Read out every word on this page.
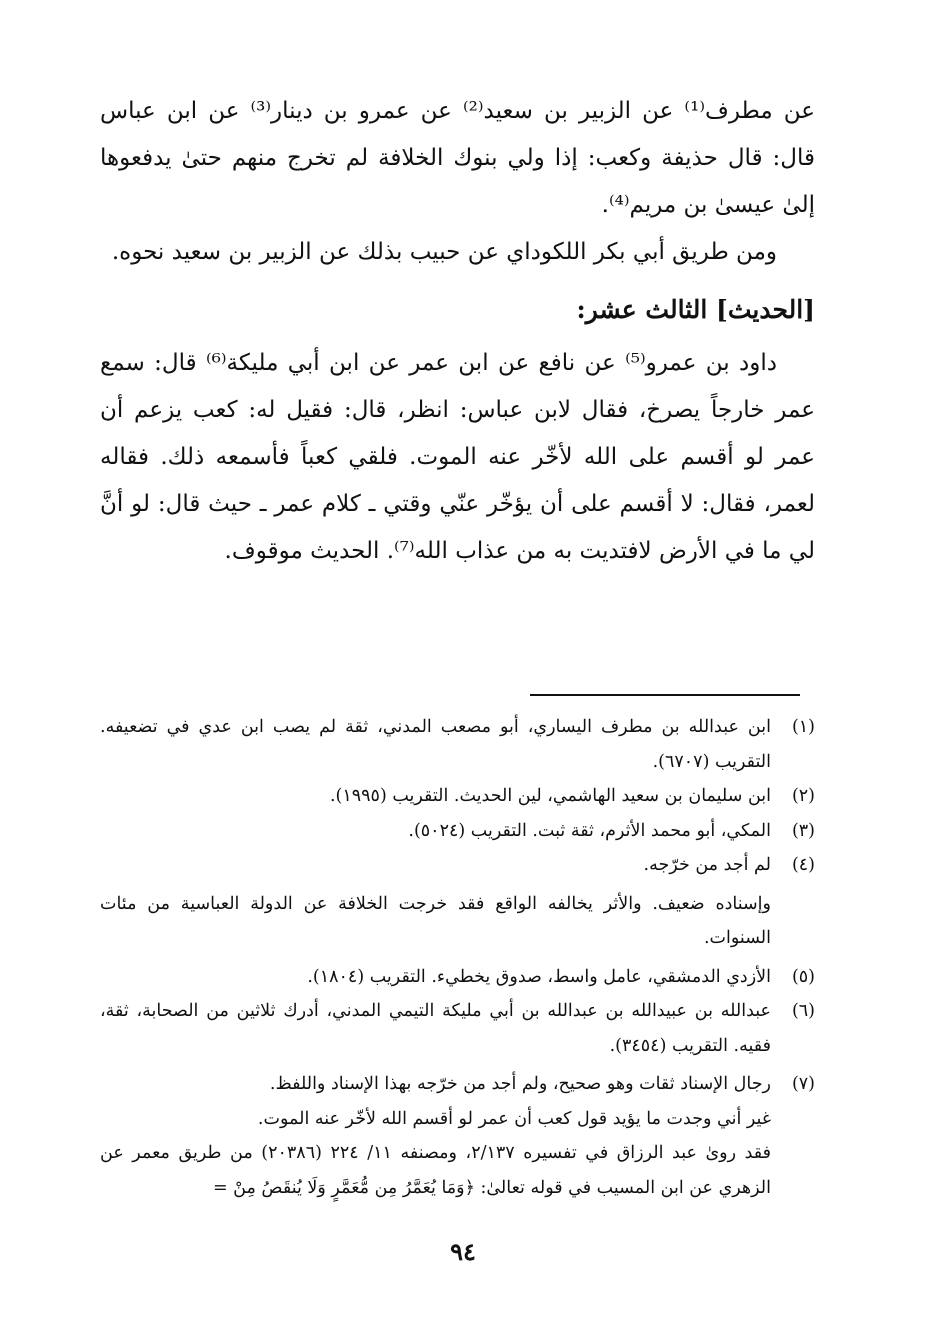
عن مطرف⁽¹⁾ عن الزبير بن سعيد⁽²⁾ عن عمرو بن دينار⁽³⁾ عن ابن عباس قال: قال حذيفة وكعب: إذا ولي بنوك الخلافة لم تخرج منهم حتىٰ يدفعوها إلىٰ عيسىٰ بن مريم⁽⁴⁾.

ومن طريق أبي بكر اللكوداي عن حبيب بذلك عن الزبير بن سعيد نحوه.

[الحديث] الثالث عشر:

داود بن عمرو⁽⁵⁾ عن نافع عن ابن عمر عن ابن أبي مليكة⁽⁶⁾ قال: سمع عمر خارجاً يصرخ، فقال لابن عباس: انظر، قال: فقيل له: كعب يزعم أن عمر لو أقسم على الله لأخّر عنه الموت. فلقي كعباً فأسمعه ذلك. فقاله لعمر، فقال: لا أقسم على أن يؤخّر عنّي وقتي ـ كلام عمر ـ حيث قال: لو أنَّ لي ما في الأرض لافتديت به من عذاب الله⁽⁷⁾. الحديث موقوف.

(١)
ابن عبدالله بن مطرف اليساري، أبو مصعب المدني، ثقة لم يصب ابن عدي في تضعيفه. التقريب (٦٧٠٧).
(٢)
ابن سليمان بن سعيد الهاشمي، لين الحديث. التقريب (١٩٩٥).
(٣)
المكي، أبو محمد الأثرم، ثقة ثبت. التقريب (٥٠٢٤).
(٤)
لم أجد من خرّجه.
وإسناده ضعيف. والأثر يخالفه الواقع فقد خرجت الخلافة عن الدولة العباسية من مئات السنوات.
(٥)
الأزدي الدمشقي، عامل واسط، صدوق يخطيء. التقريب (١٨٠٤).
(٦)
عبدالله بن عبيدالله بن عبدالله بن أبي مليكة التيمي المدني، أدرك ثلاثين من الصحابة، ثقة، فقيه. التقريب (٣٤٥٤).
(٧)

رجال الإسناد ثقات وهو صحيح، ولم أجد من خرّجه بهذا الإسناد واللفظ.

غير أني وجدت ما يؤيد قول كعب أن عمر لو أقسم الله لأخّر عنه الموت.

فقد روىٰ عبد الرزاق في تفسيره ٢/١٣٧، ومصنفه ١١/ ٢٢٤ (٢٠٣٨٦) من طريق معمر عن الزهري عن ابن المسيب في قوله تعالىٰ: ﴿وَمَا يُعَمَّرُ مِن مُّعَمَّرٍ وَلَا يُنقَصُ مِنْ =

٩٤
